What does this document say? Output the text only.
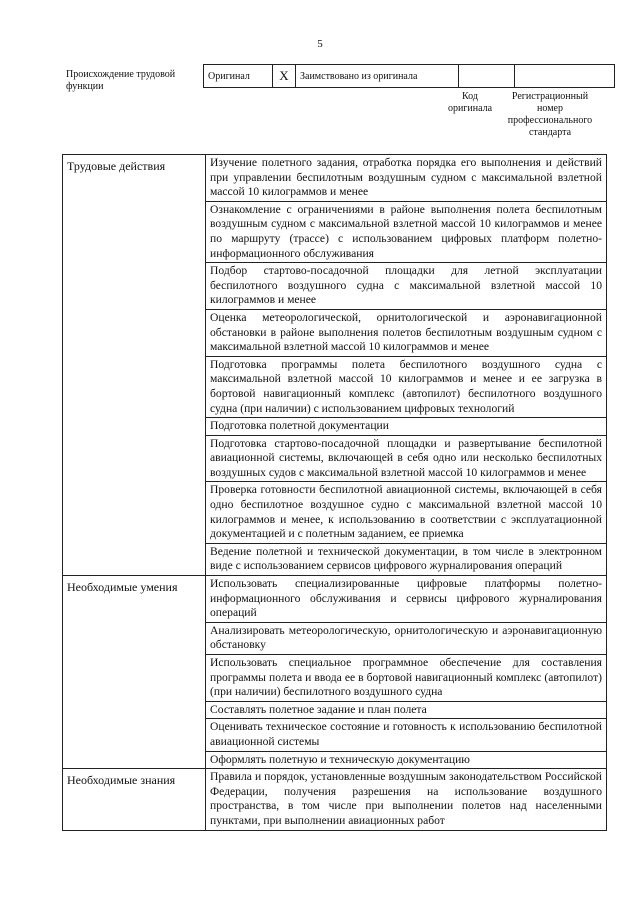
5
Происхождение трудовой функции
Оригинал	X	Заимствовано из оригинала		
Код оригинала
Регистрационный номер профессионального стандарта
Трудовые действия	Изучение полетного задания, отработка порядка его выполнения и действий при управлении беспилотным воздушным судном с максимальной взлетной массой 10 килограммов и менее
	Ознакомление с ограничениями в районе выполнения полета беспилотным воздушным судном с максимальной взлетной массой 10 килограммов и менее по маршруту (трассе) с использованием цифровых платформ полетно-информационного обслуживания
	Подбор стартово-посадочной площадки для летной эксплуатации беспилотного воздушного судна с максимальной взлетной массой 10 килограммов и менее
	Оценка метеорологической, орнитологической и аэронавигационной обстановки в районе выполнения полетов беспилотным воздушным судном с максимальной взлетной массой 10 килограммов и менее
	Подготовка программы полета беспилотного воздушного судна с максимальной взлетной массой 10 килограммов и менее и ее загрузка в бортовой навигационный комплекс (автопилот) беспилотного воздушного судна (при наличии) с использованием цифровых технологий
	Подготовка полетной документации
	Подготовка стартово-посадочной площадки и развертывание беспилотной авиационной системы, включающей в себя одно или несколько беспилотных воздушных судов с максимальной взлетной массой 10 килограммов и менее
	Проверка готовности беспилотной авиационной системы, включающей в себя одно беспилотное воздушное судно с максимальной взлетной массой 10 килограммов и менее, к использованию в соответствии с эксплуатационной документацией и с полетным заданием, ее приемка
	Ведение полетной и технической документации, в том числе в электронном виде с использованием сервисов цифрового журналирования операций
Необходимые умения	Использовать специализированные цифровые платформы полетно-информационного обслуживания и сервисы цифрового журналирования операций
	Анализировать метеорологическую, орнитологическую и аэронавигационную обстановку
	Использовать специальное программное обеспечение для составления программы полета и ввода ее в бортовой навигационный комплекс (автопилот) (при наличии) беспилотного воздушного судна
	Составлять полетное задание и план полета
	Оценивать техническое состояние и готовность к использованию беспилотной авиационной системы
	Оформлять полетную и техническую документацию
Необходимые знания	Правила и порядок, установленные воздушным законодательством Российской Федерации, получения разрешения на использование воздушного пространства, в том числе при выполнении полетов над населенными пунктами, при выполнении авиационных работ
